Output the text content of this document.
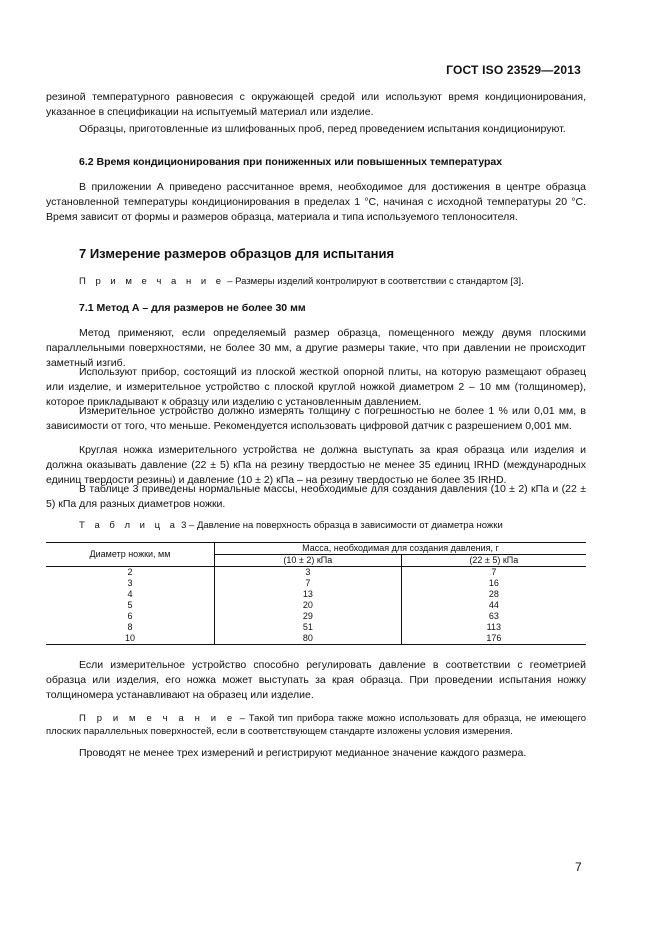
ГОСТ ISO 23529—2013
резиной температурного равновесия с окружающей средой или используют время кондиционирования, указанное в спецификации на испытуемый материал или изделие.
Образцы, приготовленные из шлифованных проб, перед проведением испытания кондиционируют.
6.2 Время кондиционирования при пониженных или повышенных температурах
В приложении А приведено рассчитанное время, необходимое для достижения в центре образца установленной температуры кондиционирования в пределах 1 °С, начиная с исходной температуры 20 °С. Время зависит от формы и размеров образца, материала и типа используемого теплоносителя.
7 Измерение размеров образцов для испытания
П р и м е ч а н и е – Размеры изделий контролируют в соответствии с стандартом [3].
7.1 Метод А – для размеров не более 30 мм
Метод применяют, если определяемый размер образца, помещенного между двумя плоскими параллельными поверхностями, не более 30 мм, а другие размеры такие, что при давлении не происходит заметный изгиб.
Используют прибор, состоящий из плоской жесткой опорной плиты, на которую размещают образец или изделие, и измерительное устройство с плоской круглой ножкой диаметром 2 – 10 мм (толщиномер), которое прикладывают к образцу или изделию с установленным давлением.
Измерительное устройство должно измерять толщину с погрешностью не более 1 % или 0,01 мм, в зависимости от того, что меньше. Рекомендуется использовать цифровой датчик с разрешением 0,001 мм.
Круглая ножка измерительного устройства не должна выступать за края образца или изделия и должна оказывать давление (22 ± 5) кПа на резину твердостью не менее 35 единиц IRHD (международных единиц твердости резины) и давление (10 ± 2) кПа – на резину твердостью не более 35 IRHD.
В таблице 3 приведены нормальные массы, необходимые для создания давления (10 ± 2) кПа и (22 ± 5) кПа для разных диаметров ножки.
Т а б л и ц а 3 – Давление на поверхность образца в зависимости от диаметра ножки
Диаметр ножки, мм	Масса, необходимая для создания давления, г	
	(10 ± 2) кПа	(22 ± 5) кПа
2	3	7
3	7	16
4	13	28
5	20	44
6	29	63
8	51	113
10	80	176
Если измерительное устройство способно регулировать давление в соответствии с геометрией образца или изделия, его ножка может выступать за края образца. При проведении испытания ножку толщиномера устанавливают на образец или изделие.
П р и м е ч а н и е – Такой тип прибора также можно использовать для образца, не имеющего плоских параллельных поверхностей, если в соответствующем стандарте изложены условия измерения.
Проводят не менее трех измерений и регистрируют медианное значение каждого размера.
7
